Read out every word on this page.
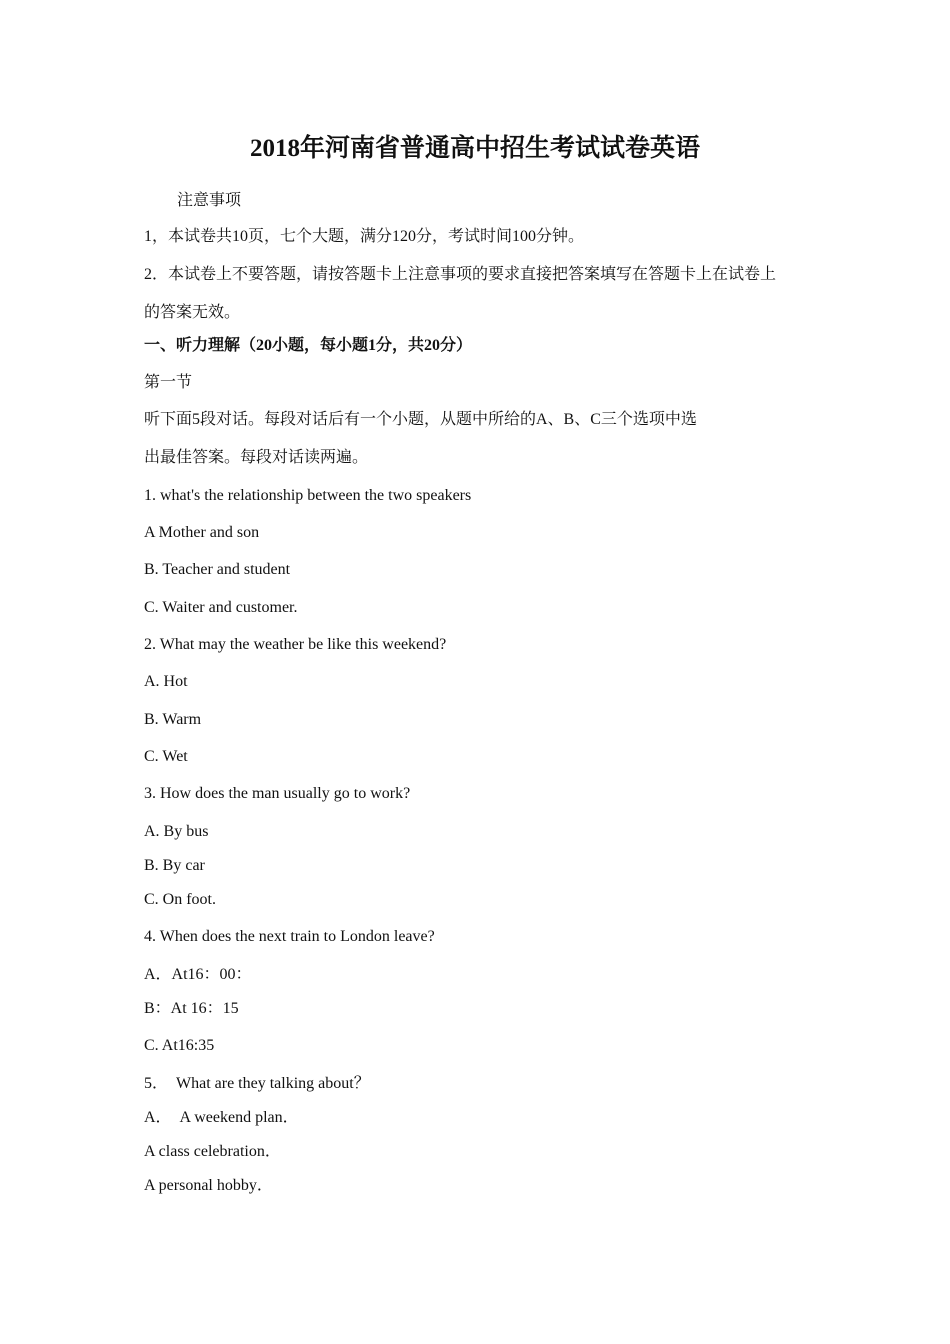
2018年河南省普通高中招生考试试卷英语
注意事项
1，本试卷共10页，七个大题，满分120分，考试时间100分钟。
2．本试卷上不要答题，请按答题卡上注意事项的要求直接把答案填写在答题卡上在试卷上
的答案无效。
一、听力理解（20小题，每小题1分，共20分）
第一节
听下面5段对话。每段对话后有一个小题，从题中所给的A、B、C三个选项中选
出最佳答案。每段对话读两遍。
1. what's the relationship between the two speakers
A Mother and son
B. Teacher and student
C. Waiter and customer.
2. What may the weather be like this weekend?
A. Hot
B. Warm
C. Wet
3. How does the man usually go to work?
A. By bus
B. By car
C. On foot.
4. When does the next train to London leave?
A．At16：00：
B：At 16：15
C. At16:35
5．　What are they talking about？
A．　A weekend plan．
A class celebration．
A personal hobby．
